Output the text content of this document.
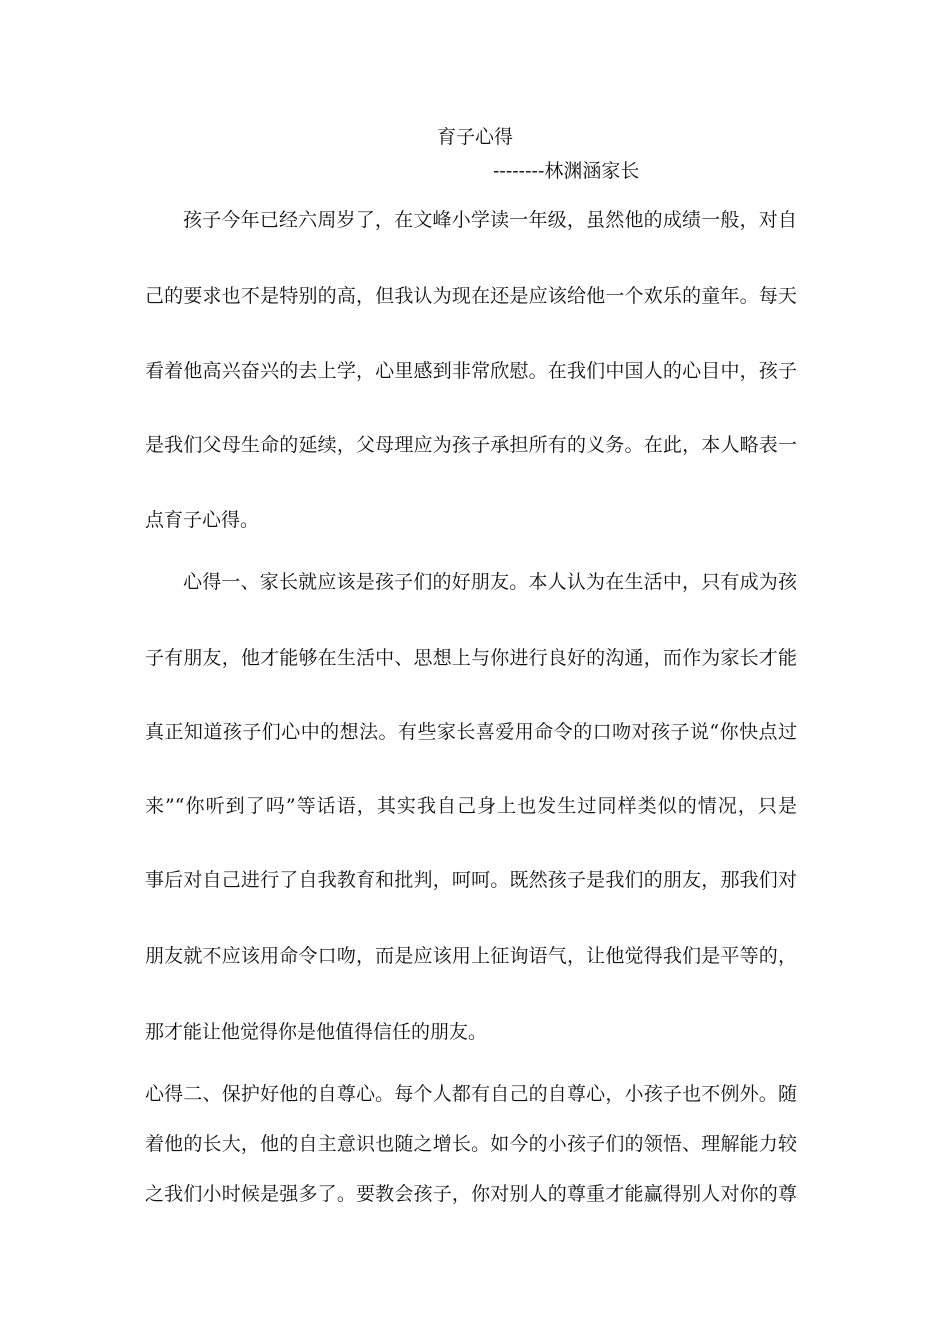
育子心得
--------林渊涵家长
孩子今年已经六周岁了，在文峰小学读一年级，虽然他的成绩一般，对自
己的要求也不是特别的高，但我认为现在还是应该给他一个欢乐的童年。每天
看着他高兴奋兴的去上学，心里感到非常欣慰。在我们中国人的心目中，孩子
是我们父母生命的延续，父母理应为孩子承担所有的义务。在此，本人略表一
点育子心得。
心得一、家长就应该是孩子们的好朋友。本人认为在生活中，只有成为孩
子有朋友，他才能够在生活中、思想上与你进行良好的沟通，而作为家长才能
真正知道孩子们心中的想法。有些家长喜爱用命令的口吻对孩子说“你快点过
来”“你听到了吗”等话语，其实我自己身上也发生过同样类似的情况，只是
事后对自己进行了自我教育和批判，呵呵。既然孩子是我们的朋友，那我们对
朋友就不应该用命令口吻，而是应该用上征询语气，让他觉得我们是平等的，
那才能让他觉得你是他值得信任的朋友。
心得二、保护好他的自尊心。每个人都有自己的自尊心，小孩子也不例外。随
着他的长大，他的自主意识也随之增长。如今的小孩子们的领悟、理解能力较
之我们小时候是强多了。要教会孩子，你对别人的尊重才能赢得别人对你的尊
